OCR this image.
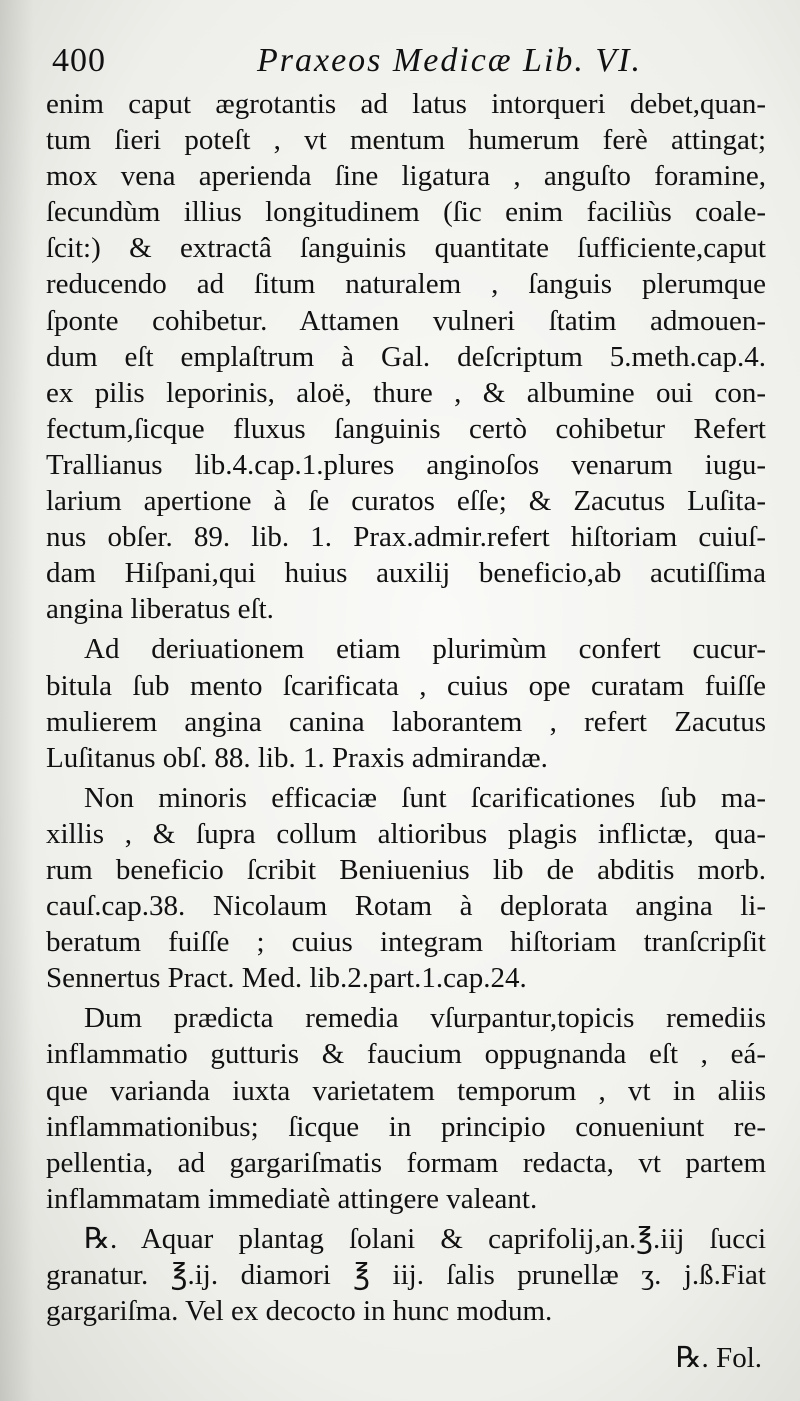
400	Praxeos Medicæ Lib. VI.
enim caput ægrotantis ad latus intorqueri debet,quan-
tum ſieri poteſt , vt mentum humerum ferè attingat;
mox vena aperienda ſine ligatura , anguſto foramine,
ſecundùm illius longitudinem (ſic enim faciliùs coale-
ſcit:) & extractâ ſanguinis quantitate ſufficiente,caput
reducendo ad ſitum naturalem , ſanguis plerumque
ſponte cohibetur. Attamen vulneri ſtatim admouen-
dum eſt emplaſtrum à Gal. deſcriptum 5.meth.cap.4.
ex pilis leporinis, aloë, thure , & albumine oui con-
fectum,ſicque fluxus ſanguinis certò cohibetur Refert
Trallianus lib.4.cap.1.plures anginoſos venarum iugu-
larium apertione à ſe curatos eſſe; & Zacutus Luſita-
nus obſer. 89. lib. 1. Prax.admir.refert hiſtoriam cuiuſ-
dam Hiſpani,qui huius auxilij beneficio,ab acutiſſima
angina liberatus eſt.
Ad deriuationem etiam plurimùm confert cucur-
bitula ſub mento ſcarificata , cuius ope curatam fuiſſe
mulierem angina canina laborantem , refert Zacutus
Luſitanus obſ. 88. lib. 1. Praxis admirandæ.
Non minoris efficaciæ ſunt ſcarificationes ſub ma-
xillis , & ſupra collum altioribus plagis inflictæ, qua-
rum beneficio ſcribit Beniuenius lib de abditis morb.
cauſ.cap.38. Nicolaum Rotam à deplorata angina li-
beratum fuiſſe ; cuius integram hiſtoriam tranſcripſit
Sennertus Pract. Med. lib.2.part.1.cap.24.
Dum prædicta remedia vſurpantur,topicis remediis
inflammatio gutturis & faucium oppugnanda eſt , eá-
que varianda iuxta varietatem temporum , vt in aliis
inflammationibus; ſicque in principio conueniunt re-
pellentia, ad gargariſmatis formam redacta, vt partem
inflammatam immediatè attingere valeant.
℞. Aquar plantag ſolani & caprifolij,an.℥.iij ſucci
granatur. ℥.ij. diamori ℥ iij. ſalis prunellæ ʒ. j.ß.Fiat
gargariſma. Vel ex decocto in hunc modum.
℞. Fol.
